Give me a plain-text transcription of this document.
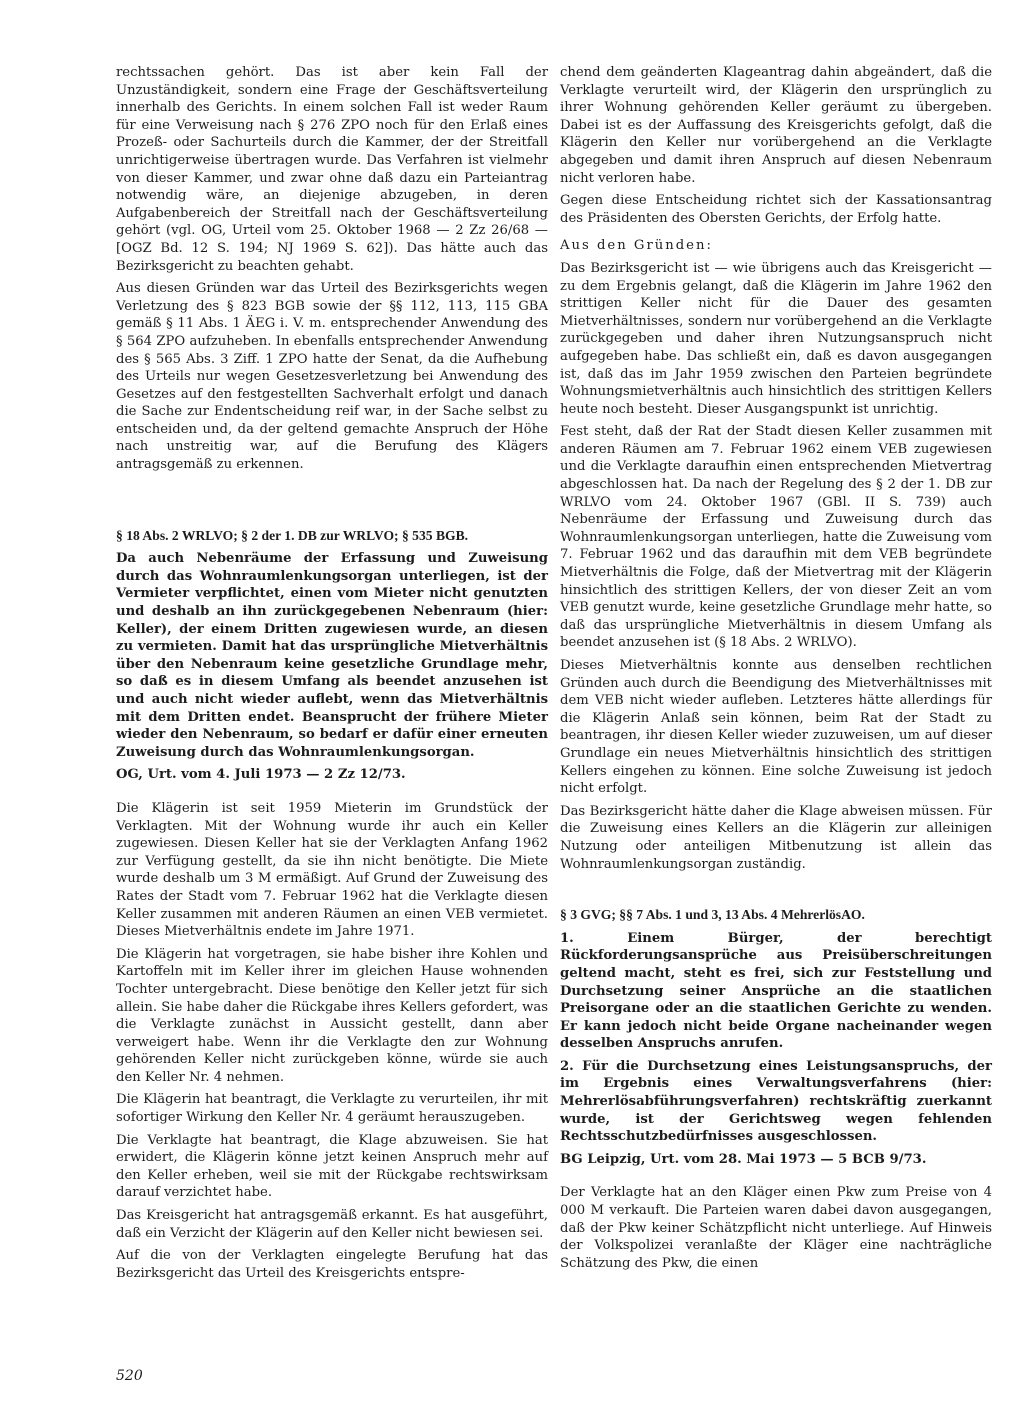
rechtssachen gehört. Das ist aber kein Fall der Unzuständigkeit, sondern eine Frage der Geschäftsverteilung innerhalb des Gerichts. In einem solchen Fall ist weder Raum für eine Verweisung nach § 276 ZPO noch für den Erlaß eines Prozeß- oder Sachurteils durch die Kammer, der der Streitfall unrichtigerweise übertragen wurde. Das Verfahren ist vielmehr von dieser Kammer, und zwar ohne daß dazu ein Parteiantrag notwendig wäre, an diejenige abzugeben, in deren Aufgabenbereich der Streitfall nach der Geschäftsverteilung gehört (vgl. OG, Urteil vom 25. Oktober 1968 — 2 Zz 26/68 — [OGZ Bd. 12 S. 194; NJ 1969 S. 62]). Das hätte auch das Bezirksgericht zu beachten gehabt.

Aus diesen Gründen war das Urteil des Bezirksgerichts wegen Verletzung des § 823 BGB sowie der §§ 112, 113, 115 GBA gemäß § 11 Abs. 1 ÄEG i. V. m. entsprechender Anwendung des § 564 ZPO aufzuheben. In ebenfalls entsprechender Anwendung des § 565 Abs. 3 Ziff. 1 ZPO hatte der Senat, da die Aufhebung des Urteils nur wegen Gesetzesverletzung bei Anwendung des Gesetzes auf den festgestellten Sachverhalt erfolgt und danach die Sache zur Endentscheidung reif war, in der Sache selbst zu entscheiden und, da der geltend gemachte Anspruch der Höhe nach unstreitig war, auf die Berufung des Klägers antragsgemäß zu erkennen.

§ 18 Abs. 2 WRLVO; § 2 der 1. DB zur WRLVO; § 535 BGB.

Da auch Nebenräume der Erfassung und Zuweisung durch das Wohnraumlenkungsorgan unterliegen, ist der Vermieter verpflichtet, einen vom Mieter nicht genutzten und deshalb an ihn zurückgegebenen Nebenraum (hier: Keller), der einem Dritten zugewiesen wurde, an diesen zu vermieten. Damit hat das ursprüngliche Mietverhältnis über den Nebenraum keine gesetzliche Grundlage mehr, so daß es in diesem Umfang als beendet anzusehen ist und auch nicht wieder auflebt, wenn das Mietverhältnis mit dem Dritten endet. Beansprucht der frühere Mieter wieder den Nebenraum, so bedarf er dafür einer erneuten Zuweisung durch das Wohnraumlenkungsorgan.

OG, Urt. vom 4. Juli 1973 — 2 Zz 12/73.

Die Klägerin ist seit 1959 Mieterin im Grundstück der Verklagten. Mit der Wohnung wurde ihr auch ein Keller zugewiesen. Diesen Keller hat sie der Verklagten Anfang 1962 zur Verfügung gestellt, da sie ihn nicht benötigte. Die Miete wurde deshalb um 3 M ermäßigt. Auf Grund der Zuweisung des Rates der Stadt vom 7. Februar 1962 hat die Verklagte diesen Keller zusammen mit anderen Räumen an einen VEB vermietet. Dieses Mietverhältnis endete im Jahre 1971.

Die Klägerin hat vorgetragen, sie habe bisher ihre Kohlen und Kartoffeln mit im Keller ihrer im gleichen Hause wohnenden Tochter untergebracht. Diese benötige den Keller jetzt für sich allein. Sie habe daher die Rückgabe ihres Kellers gefordert, was die Verklagte zunächst in Aussicht gestellt, dann aber verweigert habe. Wenn ihr die Verklagte den zur Wohnung gehörenden Keller nicht zurückgeben könne, würde sie auch den Keller Nr. 4 nehmen.

Die Klägerin hat beantragt, die Verklagte zu verurteilen, ihr mit sofortiger Wirkung den Keller Nr. 4 geräumt herauszugeben.

Die Verklagte hat beantragt, die Klage abzuweisen. Sie hat erwidert, die Klägerin könne jetzt keinen Anspruch mehr auf den Keller erheben, weil sie mit der Rückgabe rechtswirksam darauf verzichtet habe.

Das Kreisgericht hat antragsgemäß erkannt. Es hat ausgeführt, daß ein Verzicht der Klägerin auf den Keller nicht bewiesen sei.

Auf die von der Verklagten eingelegte Berufung hat das Bezirksgericht das Urteil des Kreisgerichts entspre-

chend dem geänderten Klageantrag dahin abgeändert, daß die Verklagte verurteilt wird, der Klägerin den ursprünglich zu ihrer Wohnung gehörenden Keller geräumt zu übergeben. Dabei ist es der Auffassung des Kreisgerichts gefolgt, daß die Klägerin den Keller nur vorübergehend an die Verklagte abgegeben und damit ihren Anspruch auf diesen Nebenraum nicht verloren habe.

Gegen diese Entscheidung richtet sich der Kassationsantrag des Präsidenten des Obersten Gerichts, der Erfolg hatte.

Aus den Gründen:

Das Bezirksgericht ist — wie übrigens auch das Kreisgericht — zu dem Ergebnis gelangt, daß die Klägerin im Jahre 1962 den strittigen Keller nicht für die Dauer des gesamten Mietverhältnisses, sondern nur vorübergehend an die Verklagte zurückgegeben und daher ihren Nutzungsanspruch nicht aufgegeben habe. Das schließt ein, daß es davon ausgegangen ist, daß das im Jahr 1959 zwischen den Parteien begründete Wohnungsmietverhältnis auch hinsichtlich des strittigen Kellers heute noch besteht. Dieser Ausgangspunkt ist unrichtig.

Fest steht, daß der Rat der Stadt diesen Keller zusammen mit anderen Räumen am 7. Februar 1962 einem VEB zugewiesen und die Verklagte daraufhin einen entsprechenden Mietvertrag abgeschlossen hat. Da nach der Regelung des § 2 der 1. DB zur WRLVO vom 24. Oktober 1967 (GBl. II S. 739) auch Nebenräume der Erfassung und Zuweisung durch das Wohnraumlenkungsorgan unterliegen, hatte die Zuweisung vom 7. Februar 1962 und das daraufhin mit dem VEB begründete Mietverhältnis die Folge, daß der Mietvertrag mit der Klägerin hinsichtlich des strittigen Kellers, der von dieser Zeit an vom VEB genutzt wurde, keine gesetzliche Grundlage mehr hatte, so daß das ursprüngliche Mietverhältnis in diesem Umfang als beendet anzusehen ist (§ 18 Abs. 2 WRLVO).

Dieses Mietverhältnis konnte aus denselben rechtlichen Gründen auch durch die Beendigung des Mietverhältnisses mit dem VEB nicht wieder aufleben. Letzteres hätte allerdings für die Klägerin Anlaß sein können, beim Rat der Stadt zu beantragen, ihr diesen Keller wieder zuzuweisen, um auf dieser Grundlage ein neues Mietverhältnis hinsichtlich des strittigen Kellers eingehen zu können. Eine solche Zuweisung ist jedoch nicht erfolgt.

Das Bezirksgericht hätte daher die Klage abweisen müssen. Für die Zuweisung eines Kellers an die Klägerin zur alleinigen Nutzung oder anteiligen Mitbenutzung ist allein das Wohnraumlenkungsorgan zuständig.

§ 3 GVG; §§ 7 Abs. 1 und 3, 13 Abs. 4 MehrerlösAO.

1. Einem Bürger, der berechtigt Rückforderungsansprüche aus Preisüberschreitungen geltend macht, steht es frei, sich zur Feststellung und Durchsetzung seiner Ansprüche an die staatlichen Preisorgane oder an die staatlichen Gerichte zu wenden. Er kann jedoch nicht beide Organe nacheinander wegen desselben Anspruchs anrufen.

2. Für die Durchsetzung eines Leistungsanspruchs, der im Ergebnis eines Verwaltungsverfahrens (hier: Mehrerlösabführungsverfahren) rechtskräftig zuerkannt wurde, ist der Gerichtsweg wegen fehlenden Rechtsschutzbedürfnisses ausgeschlossen.

BG Leipzig, Urt. vom 28. Mai 1973 — 5 BCB 9/73.

Der Verklagte hat an den Kläger einen Pkw zum Preise von 4 000 M verkauft. Die Parteien waren dabei davon ausgegangen, daß der Pkw keiner Schätzpflicht nicht unterliege. Auf Hinweis der Volkspolizei veranlaßte der Kläger eine nachträgliche Schätzung des Pkw, die einen

520
